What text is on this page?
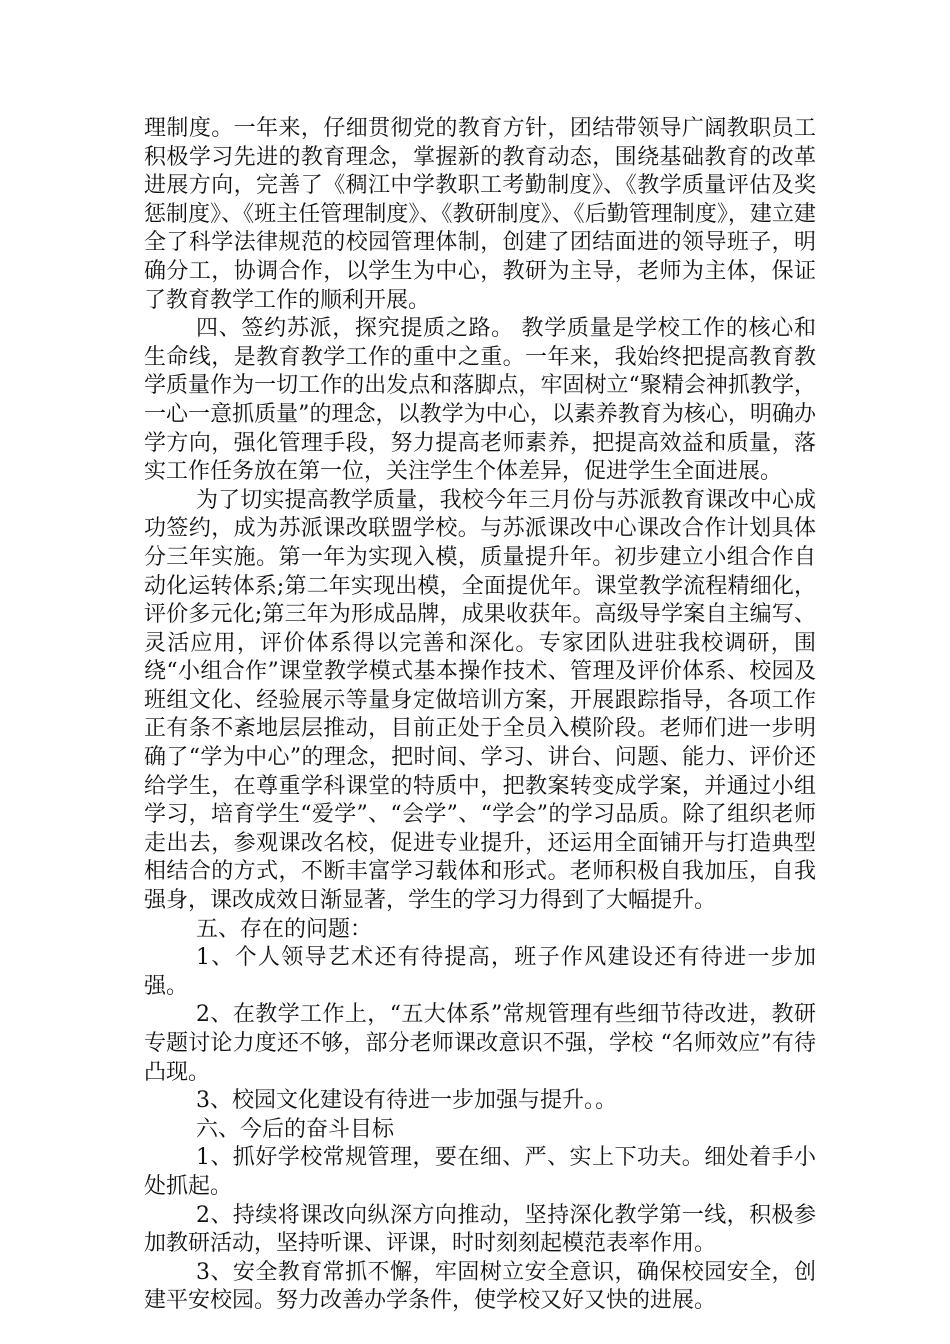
理制度。一年来，仔细贯彻党的教育方针，团结带领导广阔教职员工积极学习先进的教育理念，掌握新的教育动态，围绕基础教育的改革进展方向，完善了《稠江中学教职工考勤制度》、《教学质量评估及奖惩制度》、《班主任管理制度》、《教研制度》、《后勤管理制度》，建立建全了科学法律规范的校园管理体制，创建了团结面进的领导班子，明确分工，协调合作，以学生为中心，教研为主导，老师为主体，保证了教育教学工作的顺利开展。

四、签约苏派，探究提质之路。 教学质量是学校工作的核心和生命线，是教育教学工作的重中之重。一年来，我始终把提高教育教学质量作为一切工作的出发点和落脚点，牢固树立“聚精会神抓教学，一心一意抓质量”的理念，以教学为中心，以素养教育为核心，明确办学方向，强化管理手段，努力提高老师素养，把提高效益和质量，落实工作任务放在第一位，关注学生个体差异，促进学生全面进展。

为了切实提高教学质量，我校今年三月份与苏派教育课改中心成功签约，成为苏派课改联盟学校。与苏派课改中心课改合作计划具体分三年实施。第一年为实现入模，质量提升年。初步建立小组合作自动化运转体系;第二年实现出模，全面提优年。课堂教学流程精细化，评价多元化;第三年为形成品牌，成果收获年。高级导学案自主编写、灵活应用，评价体系得以完善和深化。专家团队进驻我校调研，围绕“小组合作”课堂教学模式基本操作技术、管理及评价体系、校园及班组文化、经验展示等量身定做培训方案，开展跟踪指导，各项工作正有条不紊地层层推动，目前正处于全员入模阶段。老师们进一步明确了“学为中心”的理念，把时间、学习、讲台、问题、能力、评价还给学生，在尊重学科课堂的特质中，把教案转变成学案，并通过小组学习，培育学生“爱学”、“会学”、“学会”的学习品质。除了组织老师走出去，参观课改名校，促进专业提升，还运用全面铺开与打造典型相结合的方式，不断丰富学习载体和形式。老师积极自我加压，自我强身，课改成效日渐显著，学生的学习力得到了大幅提升。

五、存在的问题：

1、个人领导艺术还有待提高，班子作风建设还有待进一步加强。

2、在教学工作上，“五大体系”常规管理有些细节待改进，教研专题讨论力度还不够，部分老师课改意识不强，学校 “名师效应”有待凸现。

3、校园文化建设有待进一步加强与提升。。

六、今后的奋斗目标

1、抓好学校常规管理，要在细、严、实上下功夫。细处着手小处抓起。

2、持续将课改向纵深方向推动，坚持深化教学第一线，积极参加教研活动，坚持听课、评课，时时刻刻起模范表率作用。

3、安全教育常抓不懈，牢固树立安全意识，确保校园安全，创建平安校园。努力改善办学条件，使学校又好又快的进展。
